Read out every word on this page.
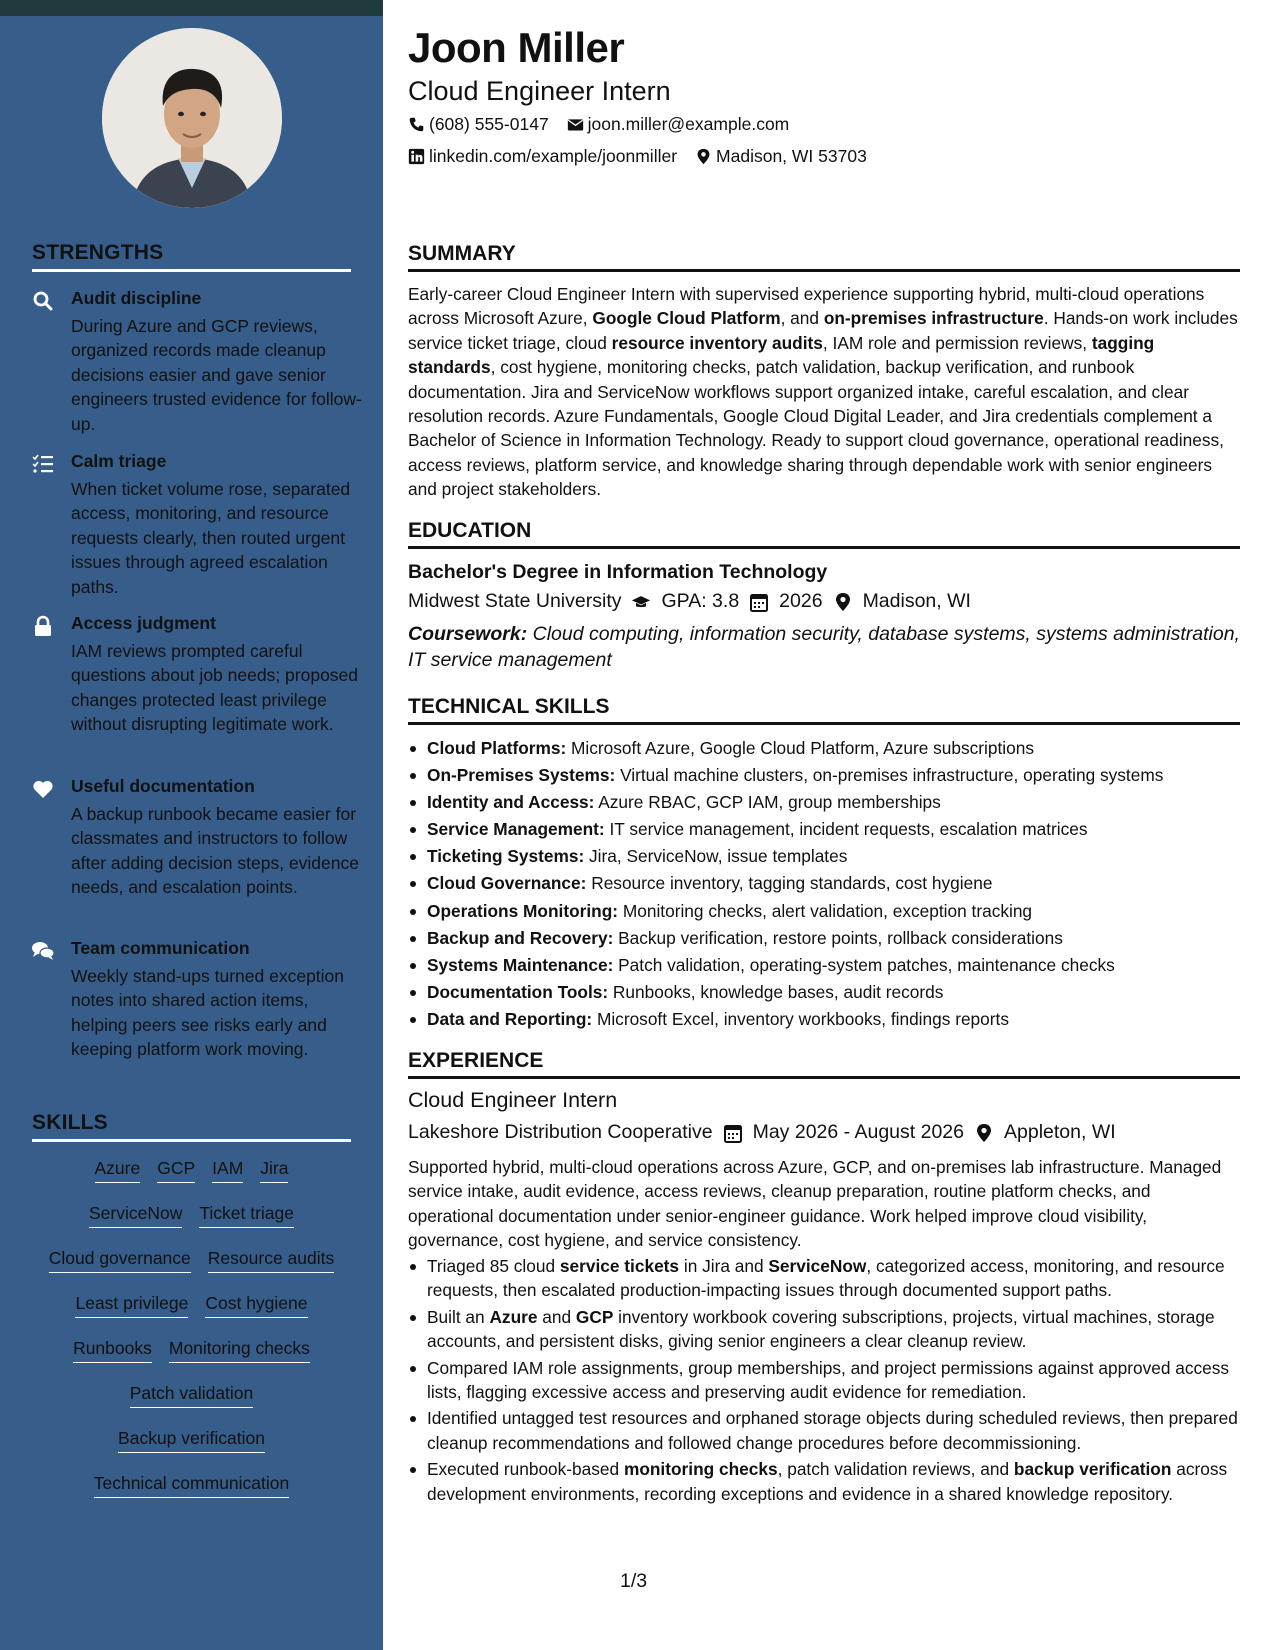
STRENGTHS
Audit discipline
During Azure and GCP reviews, organized records made cleanup decisions easier and gave senior engineers trusted evidence for follow-up.
Calm triage
When ticket volume rose, separated access, monitoring, and resource requests clearly, then routed urgent issues through agreed escalation paths.
Access judgment
IAM reviews prompted careful questions about job needs; proposed changes protected least privilege without disrupting legitimate work.
Useful documentation
A backup runbook became easier for classmates and instructors to follow after adding decision steps, evidence needs, and escalation points.
Team communication
Weekly stand-ups turned exception notes into shared action items, helping peers see risks early and keeping platform work moving.
SKILLS
Azure GCP IAM Jira
ServiceNow Ticket triage
Cloud governance Resource audits
Least privilege Cost hygiene
Runbooks Monitoring checks
Patch validation
Backup verification
Technical communication
Joon Miller
Cloud Engineer Intern
(608) 555-0147 joon.miller@example.com
linkedin.com/example/joonmiller Madison, WI 53703
SUMMARY
Early-career Cloud Engineer Intern with supervised experience supporting hybrid, multi-cloud operations across Microsoft Azure, Google Cloud Platform, and on-premises infrastructure. Hands-on work includes service ticket triage, cloud resource inventory audits, IAM role and permission reviews, tagging standards, cost hygiene, monitoring checks, patch validation, backup verification, and runbook documentation. Jira and ServiceNow workflows support organized intake, careful escalation, and clear resolution records. Azure Fundamentals, Google Cloud Digital Leader, and Jira credentials complement a Bachelor of Science in Information Technology. Ready to support cloud governance, operational readiness, access reviews, platform service, and knowledge sharing through dependable work with senior engineers and project stakeholders.
EDUCATION
Bachelor's Degree in Information Technology
Midwest State University GPA: 3.8 2026 Madison, WI
Coursework: Cloud computing, information security, database systems, systems administration, IT service management
TECHNICAL SKILLS
Cloud Platforms: Microsoft Azure, Google Cloud Platform, Azure subscriptions
On-Premises Systems: Virtual machine clusters, on-premises infrastructure, operating systems
Identity and Access: Azure RBAC, GCP IAM, group memberships
Service Management: IT service management, incident requests, escalation matrices
Ticketing Systems: Jira, ServiceNow, issue templates
Cloud Governance: Resource inventory, tagging standards, cost hygiene
Operations Monitoring: Monitoring checks, alert validation, exception tracking
Backup and Recovery: Backup verification, restore points, rollback considerations
Systems Maintenance: Patch validation, operating-system patches, maintenance checks
Documentation Tools: Runbooks, knowledge bases, audit records
Data and Reporting: Microsoft Excel, inventory workbooks, findings reports
EXPERIENCE
Cloud Engineer Intern
Lakeshore Distribution Cooperative May 2026 - August 2026 Appleton, WI
Supported hybrid, multi-cloud operations across Azure, GCP, and on-premises lab infrastructure. Managed service intake, audit evidence, access reviews, cleanup preparation, routine platform checks, and operational documentation under senior-engineer guidance. Work helped improve cloud visibility, governance, cost hygiene, and service consistency.
Triaged 85 cloud service tickets in Jira and ServiceNow, categorized access, monitoring, and resource requests, then escalated production-impacting issues through documented support paths.
Built an Azure and GCP inventory workbook covering subscriptions, projects, virtual machines, storage accounts, and persistent disks, giving senior engineers a clear cleanup review.
Compared IAM role assignments, group memberships, and project permissions against approved access lists, flagging excessive access and preserving audit evidence for remediation.
Identified untagged test resources and orphaned storage objects during scheduled reviews, then prepared cleanup recommendations and followed change procedures before decommissioning.
Executed runbook-based monitoring checks, patch validation reviews, and backup verification across development environments, recording exceptions and evidence in a shared knowledge repository.
1/3
